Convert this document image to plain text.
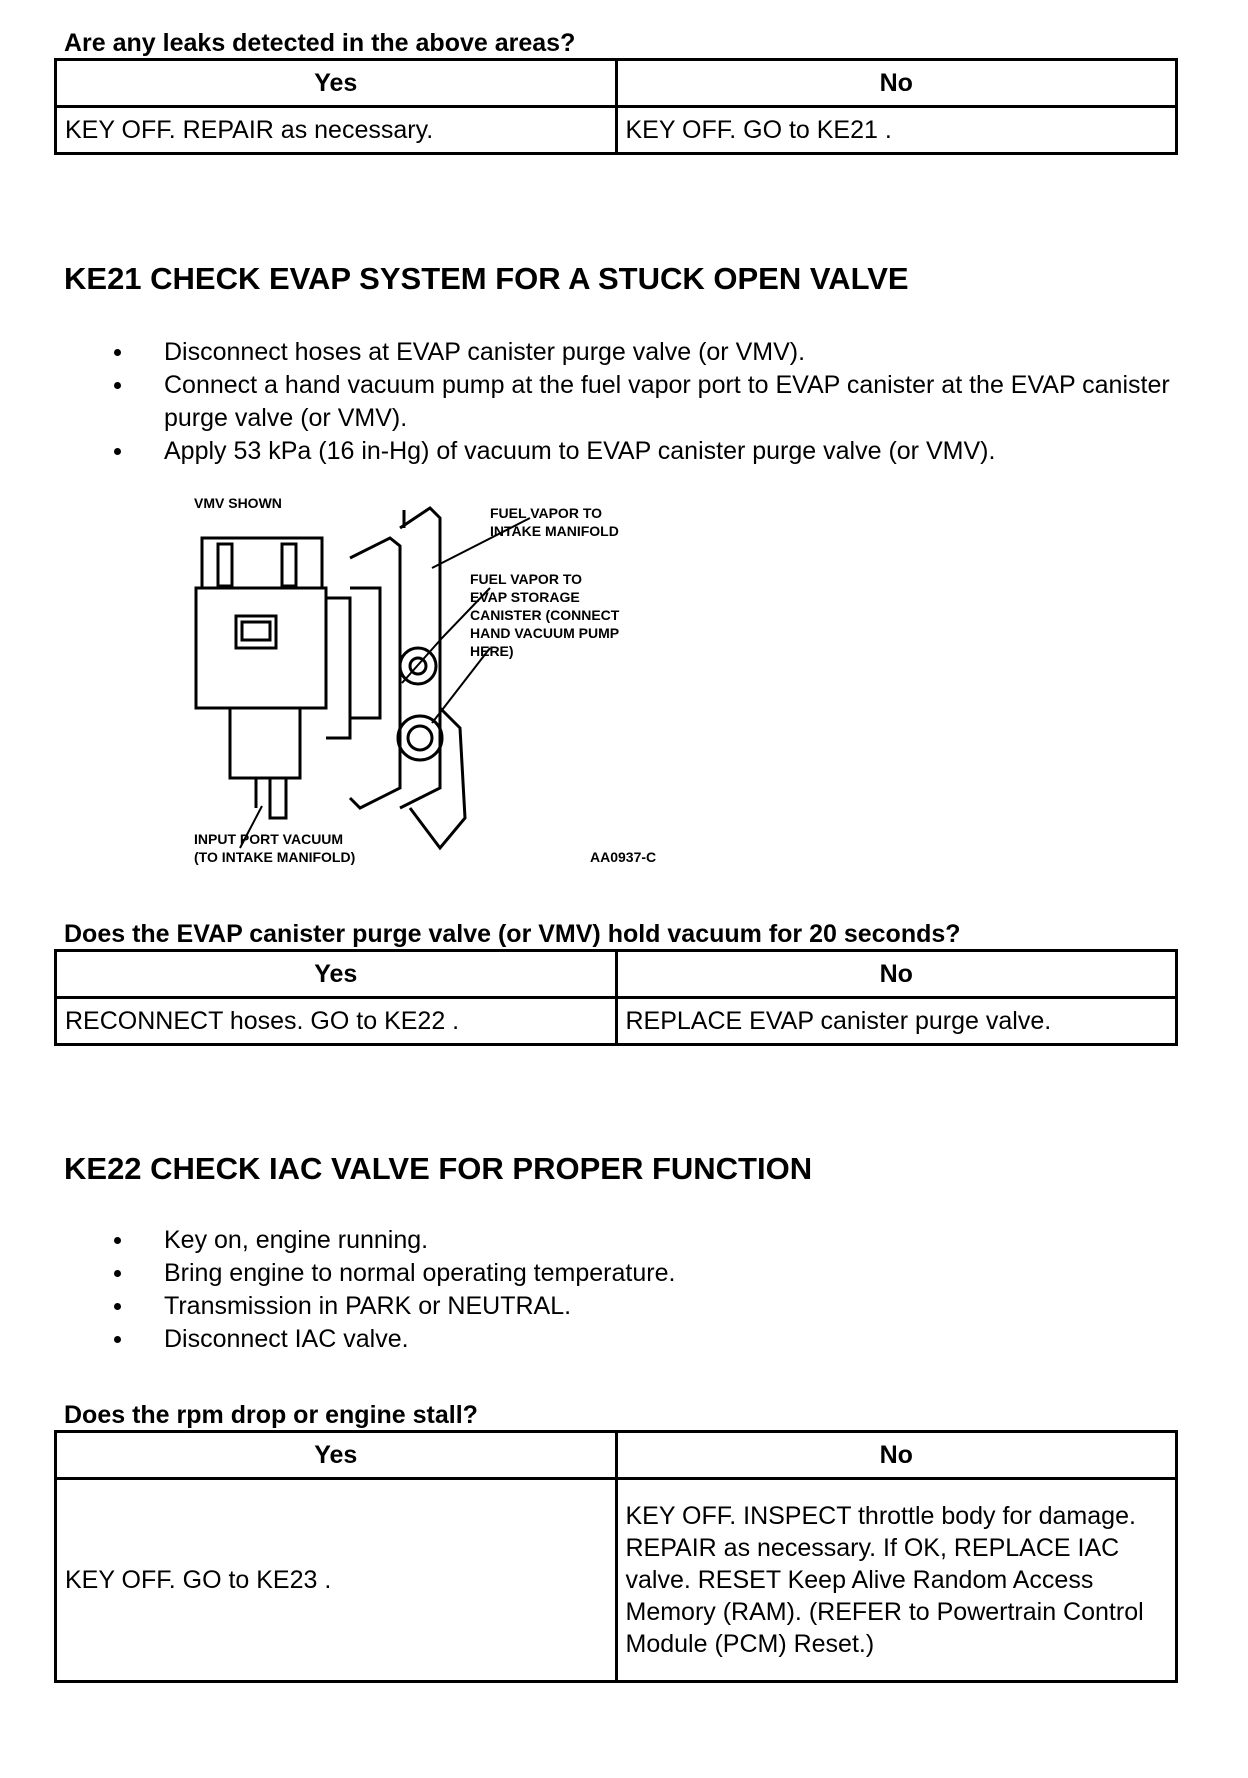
Are any leaks detected in the above areas?
Yes	No
KEY OFF. REPAIR as necessary.	KEY OFF. GO to KE21 .
KE21 CHECK EVAP SYSTEM FOR A STUCK OPEN VALVE
Disconnect hoses at EVAP canister purge valve (or VMV).
Connect a hand vacuum pump at the fuel vapor port to EVAP canister at the EVAP canister purge valve (or VMV).
Apply 53 kPa (16 in-Hg) of vacuum to EVAP canister purge valve (or VMV).
VMV SHOWN
FUEL VAPOR TO
INTAKE MANIFOLD
FUEL VAPOR TO
EVAP STORAGE
CANISTER (CONNECT
HAND VACUUM PUMP
HERE)
INPUT PORT VACUUM
(TO INTAKE MANIFOLD)	AA0937-C
Does the EVAP canister purge valve (or VMV) hold vacuum for 20 seconds?
Yes	No
RECONNECT hoses. GO to KE22 .	REPLACE EVAP canister purge valve.
KE22 CHECK IAC VALVE FOR PROPER FUNCTION
Key on, engine running.
Bring engine to normal operating temperature.
Transmission in PARK or NEUTRAL.
Disconnect IAC valve.
Does the rpm drop or engine stall?
Yes	No
KEY OFF. GO to KE23 .	KEY OFF. INSPECT throttle body for damage. REPAIR as necessary. If OK, REPLACE IAC valve. RESET Keep Alive Random Access Memory (RAM). (REFER to Powertrain Control Module (PCM) Reset.)
